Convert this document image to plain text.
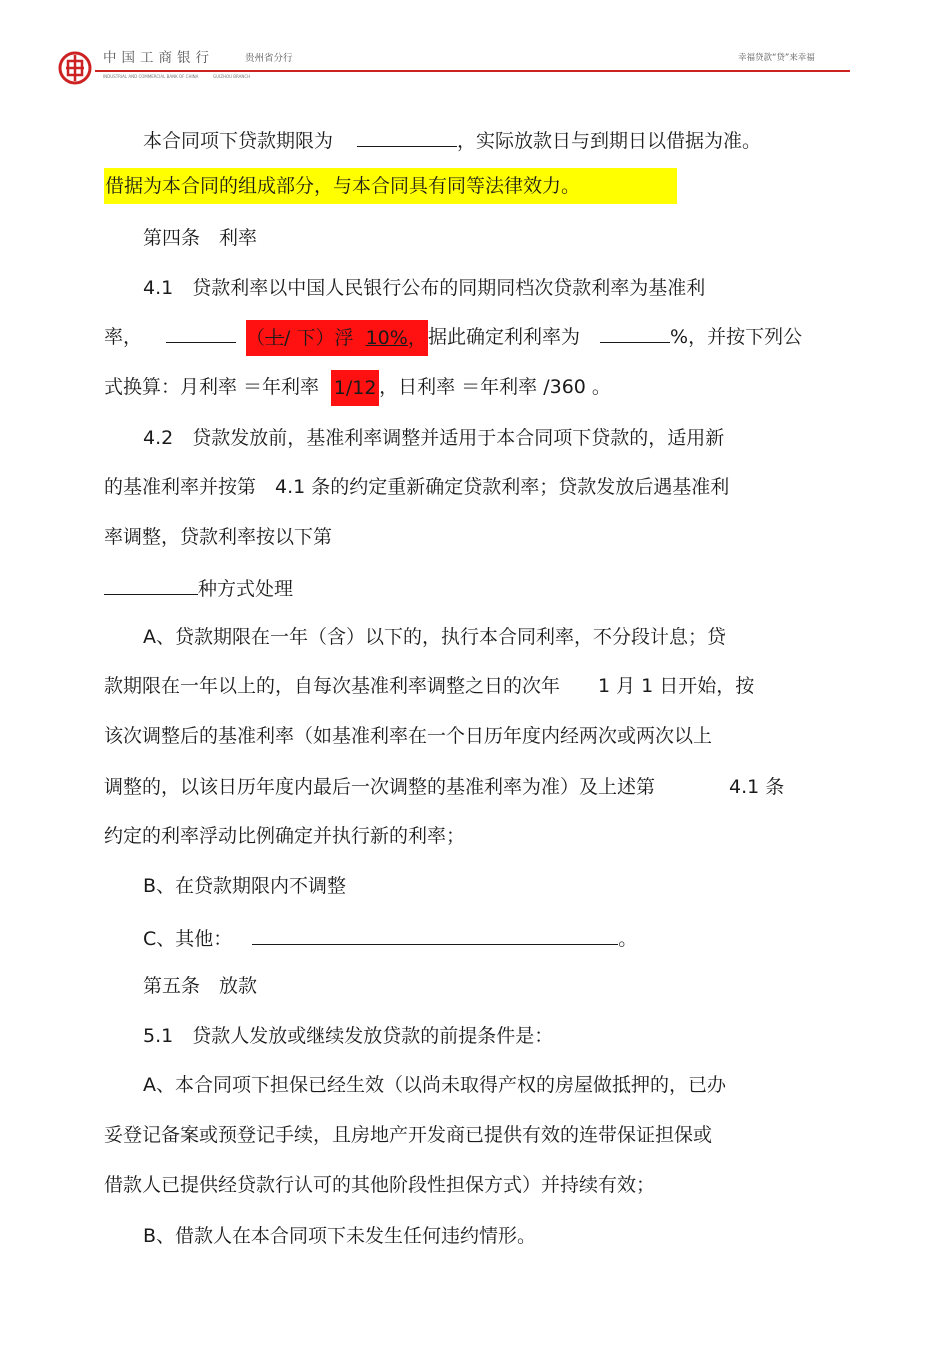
中国工商银行	贵州省分行
INDUSTRIAL AND COMMERCIAL BANK OF CHINA	GUIZHOU BRANCH
幸福贷款“贷”来幸福
本合同项下贷款期限为	，实际放款日与到期日以借据为准。
借据为本合同的组成部分，与本合同具有同等法律效力。
第四条　利率
4.1　贷款利率以中国人民银行公布的同期同档次贷款利率为基准利
率，	（上/ 下）浮 10%，据此确定利利率为	%，并按下列公
式换算：月利率 ＝年利率 1/12 ，日利率 ＝年利率 /360 。
4.2　贷款发放前，基准利率调整并适用于本合同项下贷款的，适用新
的基准利率并按第　4.1 条的约定重新确定贷款利率；贷款发放后遇基准利
率调整，贷款利率按以下第
种方式处理
A、贷款期限在一年（含）以下的，执行本合同利率，不分段计息；贷
款期限在一年以上的，自每次基准利率调整之日的次年　　1 月 1 日开始，按
该次调整后的基准利率（如基准利率在一个日历年度内经两次或两次以上
调整的，以该日历年度内最后一次调整的基准利率为准）及上述第	4.1 条
约定的利率浮动比例确定并执行新的利率；
B、在贷款期限内不调整
C、其他：	。
第五条　放款
5.1　贷款人发放或继续发放贷款的前提条件是：
A、本合同项下担保已经生效（以尚未取得产权的房屋做抵押的，已办
妥登记备案或预登记手续，且房地产开发商已提供有效的连带保证担保或
借款人已提供经贷款行认可的其他阶段性担保方式）并持续有效；
B、借款人在本合同项下未发生任何违约情形。
